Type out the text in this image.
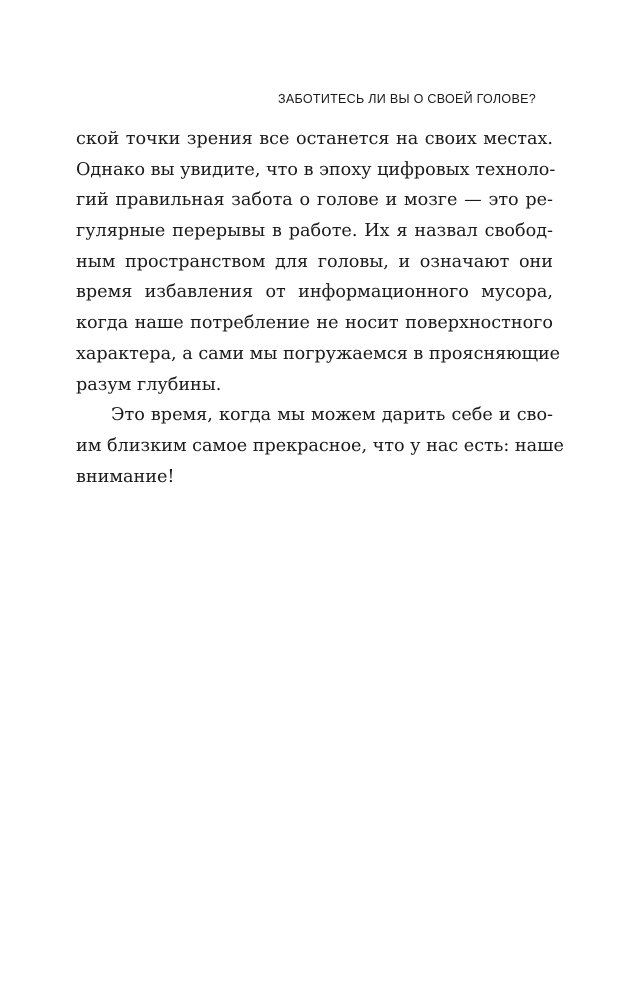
ЗАБОТИТЕСЬ ЛИ ВЫ О СВОЕЙ ГОЛОВЕ?
ской точки зрения все останется на своих местах.
Однако вы увидите, что в эпоху цифровых техноло-
гий правильная забота о голове и мозге — это ре-
гулярные перерывы в работе. Их я назвал свобод-
ным пространством для головы, и означают они
время избавления от информационного мусора,
когда наше потребление не носит поверхностного
характера, а сами мы погружаемся в проясняющие
разум глубины.
Это время, когда мы можем дарить себе и сво-
им близким самое прекрасное, что у нас есть: наше
внимание!
